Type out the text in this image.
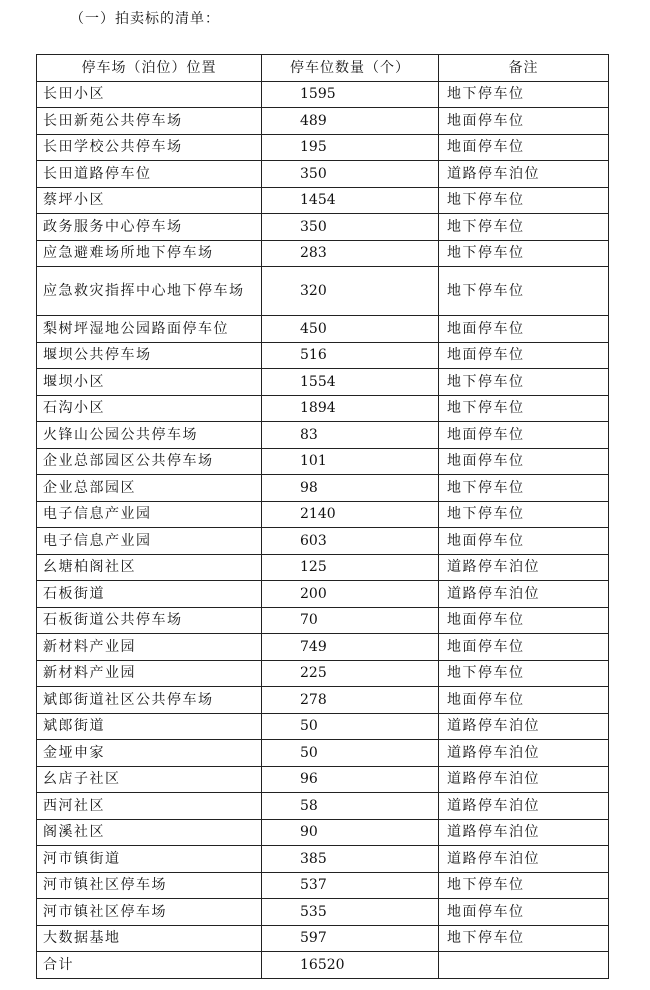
（一）拍卖标的清单：
停车场（泊位）位置	停车位数量（个）	备注
长田小区	1595	地下停车位
长田新苑公共停车场	489	地面停车位
长田学校公共停车场	195	地面停车位
长田道路停车位	350	道路停车泊位
蔡坪小区	1454	地下停车位
政务服务中心停车场	350	地下停车位
应急避难场所地下停车场	283	地下停车位
应急救灾指挥中心地下停车场	320	地下停车位
梨树坪湿地公园路面停车位	450	地面停车位
堰坝公共停车场	516	地面停车位
堰坝小区	1554	地下停车位
石沟小区	1894	地下停车位
火锋山公园公共停车场	83	地面停车位
企业总部园区公共停车场	101	地面停车位
企业总部园区	98	地下停车位
电子信息产业园	2140	地下停车位
电子信息产业园	603	地面停车位
幺塘柏阁社区	125	道路停车泊位
石板街道	200	道路停车泊位
石板街道公共停车场	70	地面停车位
新材料产业园	749	地面停车位
新材料产业园	225	地下停车位
斌郎街道社区公共停车场	278	地面停车位
斌郎街道	50	道路停车泊位
金垭申家	50	道路停车泊位
幺店子社区	96	道路停车泊位
西河社区	58	道路停车泊位
阁溪社区	90	道路停车泊位
河市镇街道	385	道路停车泊位
河市镇社区停车场	537	地下停车位
河市镇社区停车场	535	地面停车位
大数据基地	597	地下停车位
合计	16520	
